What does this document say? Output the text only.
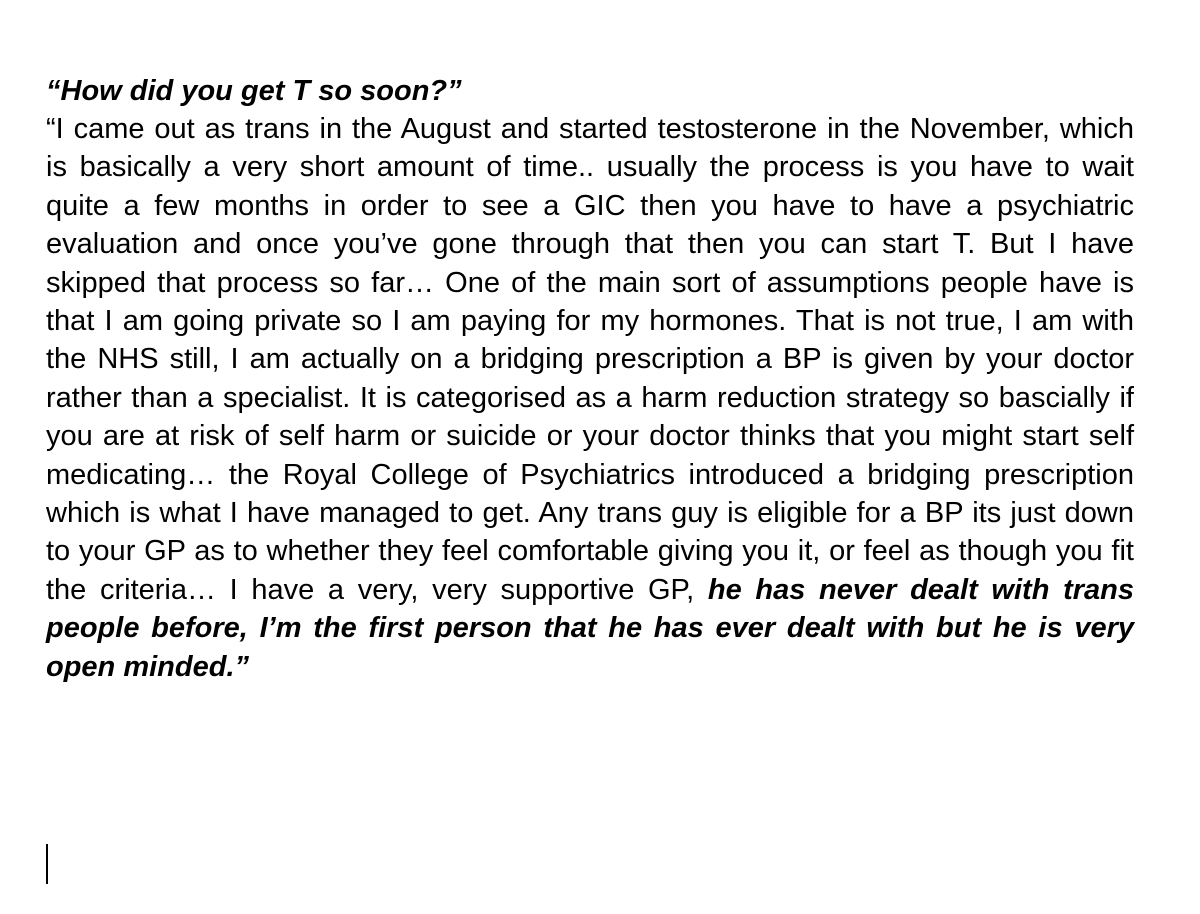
“How did you get T so soon?”

“I came out as trans in the August and started testosterone in the November, which is basically a very short amount of time.. usually the process is you have to wait quite a few months in order to see a GIC then you have to have a psychiatric evaluation and once you’ve gone through that then you can start T. But I have skipped that process so far… One of the main sort of assumptions people have is that I am going private so I am paying for my hormones. That is not true, I am with the NHS still, I am actually on a bridging prescription a BP is given by your doctor rather than a specialist. It is categorised as a harm reduction strategy so bascially if you are at risk of self harm or suicide or your doctor thinks that you might start self medicating… the Royal College of Psychiatrics introduced a bridging prescription which is what I have managed to get. Any trans guy is eligible for a BP its just down to your GP as to whether they feel comfortable giving you it, or feel as though you fit the criteria… I have a very, very supportive GP, he has never dealt with trans people before, I’m the first person that he has ever dealt with but he is very open minded.”
